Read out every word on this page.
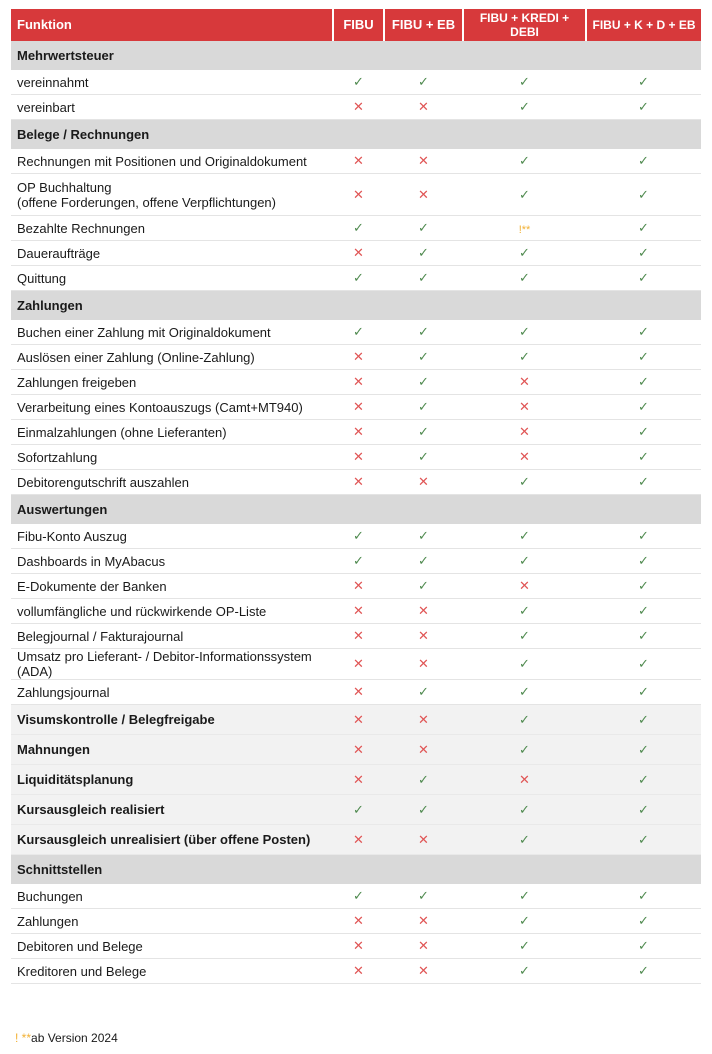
Funktion	FIBU	FIBU + EB	FIBU + KREDI + DEBI	FIBU + K + D + EB
Mehrwertsteuer				
vereinnahmt	✓	✓	✓	✓
vereinbart	✕	✕	✓	✓
Belege / Rechnungen				
Rechnungen mit Positionen und Originaldokument	✕	✕	✓	✓
OP Buchhaltung
(offene Forderungen, offene Verpflichtungen)	✕	✕	✓	✓
Bezahlte Rechnungen	✓	✓	!**	✓
Daueraufträge	✕	✓	✓	✓
Quittung	✓	✓	✓	✓
Zahlungen				
Buchen einer Zahlung mit Originaldokument	✓	✓	✓	✓
Auslösen einer Zahlung (Online-Zahlung)	✕	✓	✓	✓
Zahlungen freigeben	✕	✓	✕	✓
Verarbeitung eines Kontoauszugs (Camt+MT940)	✕	✓	✕	✓
Einmalzahlungen (ohne Lieferanten)	✕	✓	✕	✓
Sofortzahlung	✕	✓	✕	✓
Debitorengutschrift auszahlen	✕	✕	✓	✓
Auswertungen				
Fibu-Konto Auszug	✓	✓	✓	✓
Dashboards in MyAbacus	✓	✓	✓	✓
E-Dokumente der Banken	✕	✓	✕	✓
vollumfängliche und rückwirkende OP-Liste	✕	✕	✓	✓
Belegjournal / Fakturajournal	✕	✕	✓	✓
Umsatz pro Lieferant- / Debitor-Informationssystem
(ADA)	✕	✕	✓	✓
Zahlungsjournal	✕	✓	✓	✓
Visumskontrolle / Belegfreigabe	✕	✕	✓	✓
Mahnungen	✕	✕	✓	✓
Liquiditätsplanung	✕	✓	✕	✓
Kursausgleich realisiert	✓	✓	✓	✓
Kursausgleich unrealisiert (über offene Posten)	✕	✕	✓	✓
Schnittstellen				
Buchungen	✓	✓	✓	✓
Zahlungen	✕	✕	✓	✓
Debitoren und Belege	✕	✕	✓	✓
Kreditoren und Belege	✕	✕	✓	✓
! **ab Version 2024
